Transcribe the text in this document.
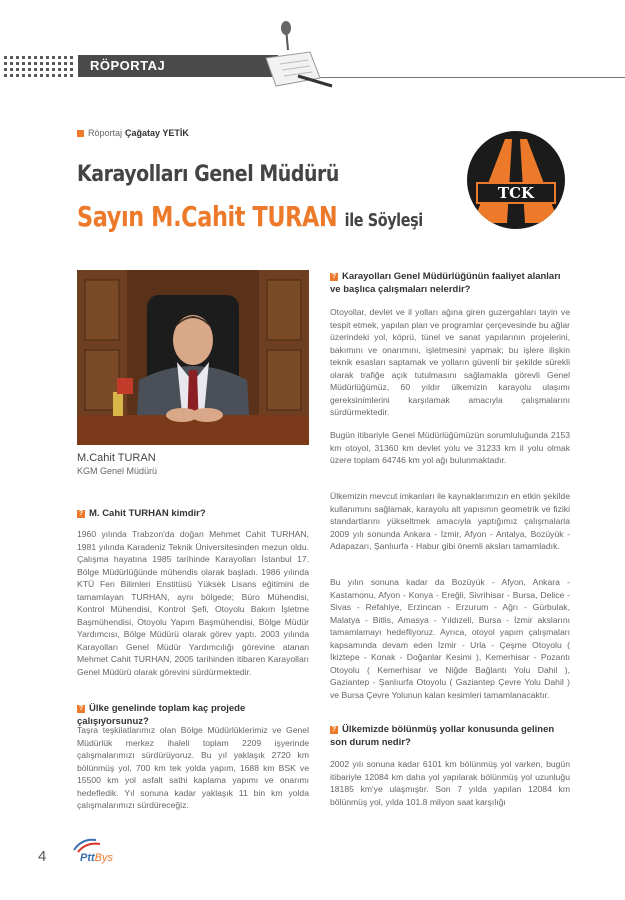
RÖPORTAJ
Röportaj Çağatay YETİK
Karayolları Genel Müdürü
Sayın M.Cahit TURAN ile Söyleşi
TCK
M.Cahit TURAN
KGM Genel Müdürü
? M. Cahit TURHAN kimdir?

1960 yılında Trabzon'da doğan Mehmet Cahit TURHAN, 1981 yılında Karadeniz Teknik Üniversitesinden mezun oldu. Çalışma hayatına 1985 tarihinde Karayolları İstanbul 17. Bölge Müdürlüğünde mühendis olarak başladı. 1986 yılında KTÜ Fen Bilimleri Enstitüsü Yüksek Lisans eğitimini de tamamlayan TURHAN, aynı bölgede; Büro Mühendisi, Kontrol Mühendisi, Kontrol Şefi, Otoyolu Bakım İşletme Başmühendisi, Otoyolu Yapım Başmühendisi, Bölge Müdür Yardımcısı, Bölge Müdürü olarak görev yaptı. 2003 yılında Karayolları Genel Müdür Yardımcılığı görevine atanan Mehmet Cahit TURHAN, 2005 tarihinden itibaren Karayolları Genel Müdürü olarak görevini sürdürmektedir.

? Ülke genelinde toplam kaç projede çalışıyorsunuz?

Taşra teşkilatlarımız olan Bölge Müdürlüklerimiz ve Genel Müdürlük merkez ihaleli toplam 2209 işyerinde çalışmalarımızı sürdürüyoruz. Bu yıl yaklaşık 2720 km bölünmüş yol, 700 km tek yolda yapım, 1688 km BSK ve 15500 km yol asfalt sathi kaplama yapımı ve onarımı hedefledik. Yıl sonuna kadar yaklaşık 11 bin km yolda çalışmalarımızı sürdüreceğiz.

? Karayolları Genel Müdürlüğünün faaliyet alanları ve başlıca çalışmaları nelerdir?

Otoyollar, devlet ve il yolları ağına giren guzergahları tayin ve tespit etmek, yapılan plan ve programlar çerçevesinde bu ağlar üzerindeki yol, köprü, tünel ve sanat yapılarının projelerini, bakımını ve onarımını, işletmesini yapmak; bu işlere ilişkin teknik esasları saptamak ve yolların güvenli bir şekilde sürekli olarak trafiğe açık tutulmasını sağlamakla görevli Genel Müdürlüğümüz, 60 yıldır ülkemizin karayolu ulaşımı gereksinimlerini karşılamak amacıyla çalışmalarını sürdürmektedir.

Bugün itibariyle Genel Müdürlüğümüzün sorumluluğunda 2153 km otoyol, 31360 km devlet yolu ve 31233 km il yolu olmak üzere toplam 64746 km yol ağı bulunmaktadır.

Ülkemizin mevcut imkanları ile kaynaklarımızın en etkin şekilde kullanımını sağlamak, karayolu alt yapısının geometrik ve fiziki standartlarını yükseltmek amacıyla yaptığımız çalışmalarla 2009 yılı sonunda Ankara - İzmir, Afyon - Antalya, Bozüyük - Adapazarı, Şanlıurfa - Habur gibi önemli aksları tamamladık.

Bu yılın sonuna kadar da Bozüyük - Afyon, Ankara - Kastamonu, Afyon - Konya - Ereğli, Sivrihisar - Bursa, Delice - Sivas - Refahiye, Erzincan - Erzurum - Ağrı - Gürbulak, Malatya - Bitlis, Amasya - Yıldızeli, Bursa - İzmir akslarını tamamlamayı hedefliyoruz. Ayrıca, otoyol yapım çalışmaları kapsamında devam eden İzmir - Urla - Çeşme Otoyolu ( İkiztepe - Konak - Doğanlar Kesimi ), Kemerhisar - Pozantı Otoyolu ( Kemerhisar ve Niğde Bağlantı Yolu Dahil ), Gaziantep - Şanlıurfa Otoyolu ( Gaziantep Çevre Yolu Dahil ) ve Bursa Çevre Yolunun kalan kesimleri tamamlanacaktır.

? Ülkemizde bölünmüş yollar konusunda gelinen son durum nedir?

2002 yılı sonuna kadar 6101 km bölünmüş yol varken, bugün itibariyle 12084 km daha yol yapılarak bölünmüş yol uzunluğu 18185 km'ye ulaşmıştır. Son 7 yılda yapılan 12084 km bölünmüş yol, yılda 101.8 milyon saat karşılığı

4	PttBys
